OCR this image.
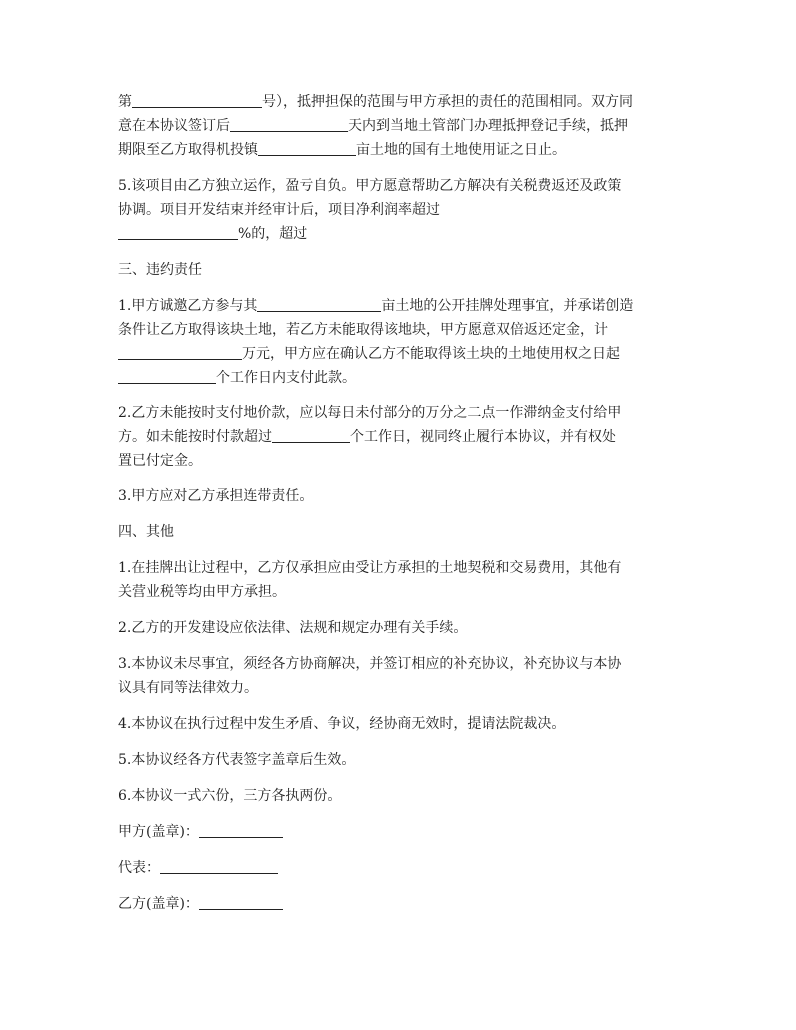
第	号），抵押担保的范围与甲方承担的责任的范围相同。双方同
意在本协议签订后	天内到当地土管部门办理抵押登记手续，抵押
期限至乙方取得机投镇	亩土地的国有土地使用证之日止。
5.该项目由乙方独立运作，盈亏自负。甲方愿意帮助乙方解决有关税费返还及政策
协调。项目开发结束并经审计后，项目净利润率超过
%的，超过
三、违约责任
1.甲方诚邀乙方参与其	亩土地的公开挂牌处理事宜，并承诺创造
条件让乙方取得该块土地，若乙方未能取得该地块，甲方愿意双倍返还定金，计
万元，甲方应在确认乙方不能取得该土块的土地使用权之日起
个工作日内支付此款。
2.乙方未能按时支付地价款，应以每日未付部分的万分之二点一作滞纳金支付给甲
方。如未能按时付款超过	个工作日，视同终止履行本协议，并有权处
置已付定金。
3.甲方应对乙方承担连带责任。
四、其他
1.在挂牌出让过程中，乙方仅承担应由受让方承担的土地契税和交易费用，其他有
关营业税等均由甲方承担。
2.乙方的开发建设应依法律、法规和规定办理有关手续。
3.本协议未尽事宜，须经各方协商解决，并签订相应的补充协议，补充协议与本协
议具有同等法律效力。
4.本协议在执行过程中发生矛盾、争议，经协商无效时，提请法院裁决。
5.本协议经各方代表签字盖章后生效。
6.本协议一式六份，三方各执两份。
甲方(盖章)：
代表：
乙方(盖章)：
